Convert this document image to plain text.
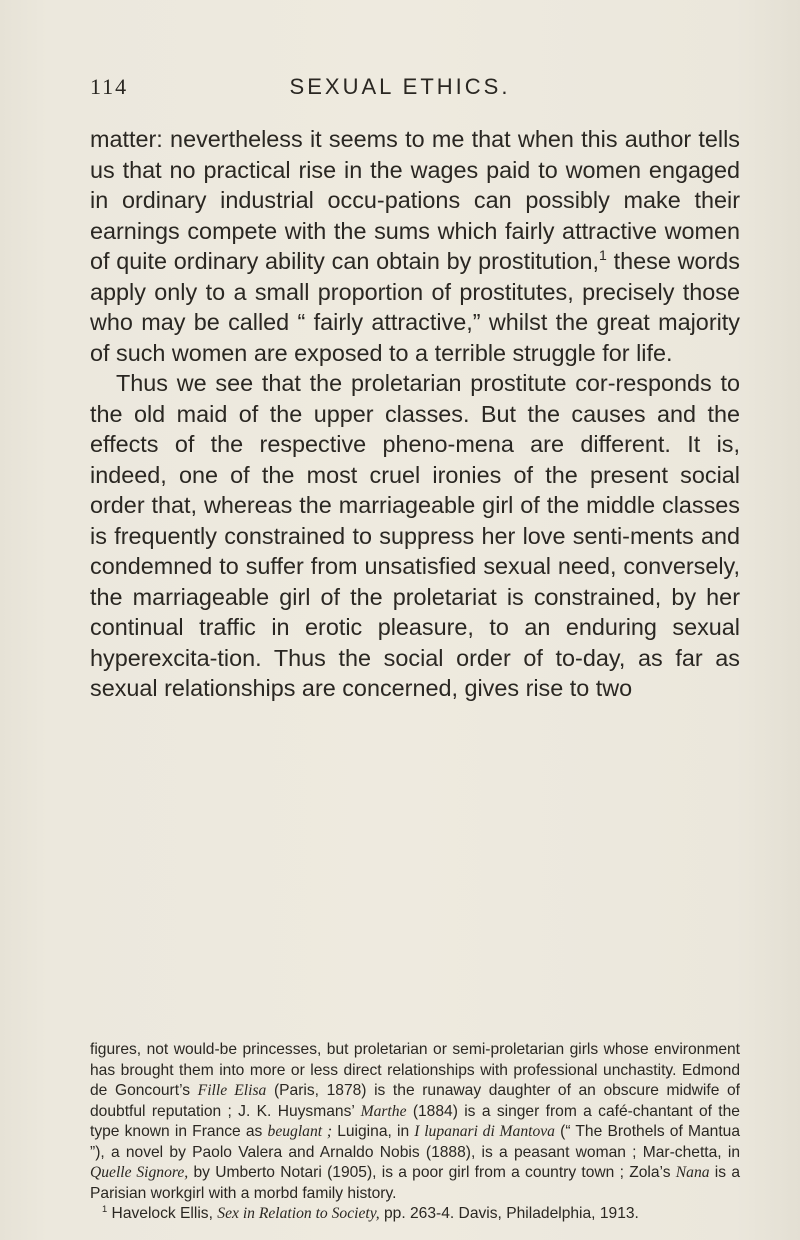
114	SEXUAL ETHICS.

matter: nevertheless it seems to me that when this author tells us that no practical rise in the wages paid to women engaged in ordinary industrial occu-pations can possibly make their earnings compete with the sums which fairly attractive women of quite ordinary ability can obtain by prostitution,$^1$ these words apply only to a small proportion of prostitutes, precisely those who may be called “ fairly attractive,” whilst the great majority of such women are exposed to a terrible struggle for life.

Thus we see that the proletarian prostitute cor-responds to the old maid of the upper classes. But the causes and the effects of the respective pheno-mena are different. It is, indeed, one of the most cruel ironies of the present social order that, whereas the marriageable girl of the middle classes is frequently constrained to suppress her love senti-ments and condemned to suffer from unsatisfied sexual need, conversely, the marriageable girl of the proletariat is constrained, by her continual traffic in erotic pleasure, to an enduring sexual hyperexcita-tion. Thus the social order of to-day, as far as sexual relationships are concerned, gives rise to two

figures, not would-be princesses, but proletarian or semi-proletarian girls whose environment has brought them into more or less direct relationships with professional unchastity. Edmond de Goncourt’s Fille Elisa (Paris, 1878) is the runaway daughter of an obscure midwife of doubtful reputation ; J. K. Huysmans’ Marthe (1884) is a singer from a café-chantant of the type known in France as beuglant ; Luigina, in I lupanari di Mantova (“ The Brothels of Mantua ”), a novel by Paolo Valera and Arnaldo Nobis (1888), is a peasant woman ; Mar-chetta, in Quelle Signore, by Umberto Notari (1905), is a poor girl from a country town ; Zola’s Nana is a Parisian workgirl with a morbd family history.

$^1$ Havelock Ellis, Sex in Relation to Society, pp. 263-4. Davis, Philadelphia, 1913.
